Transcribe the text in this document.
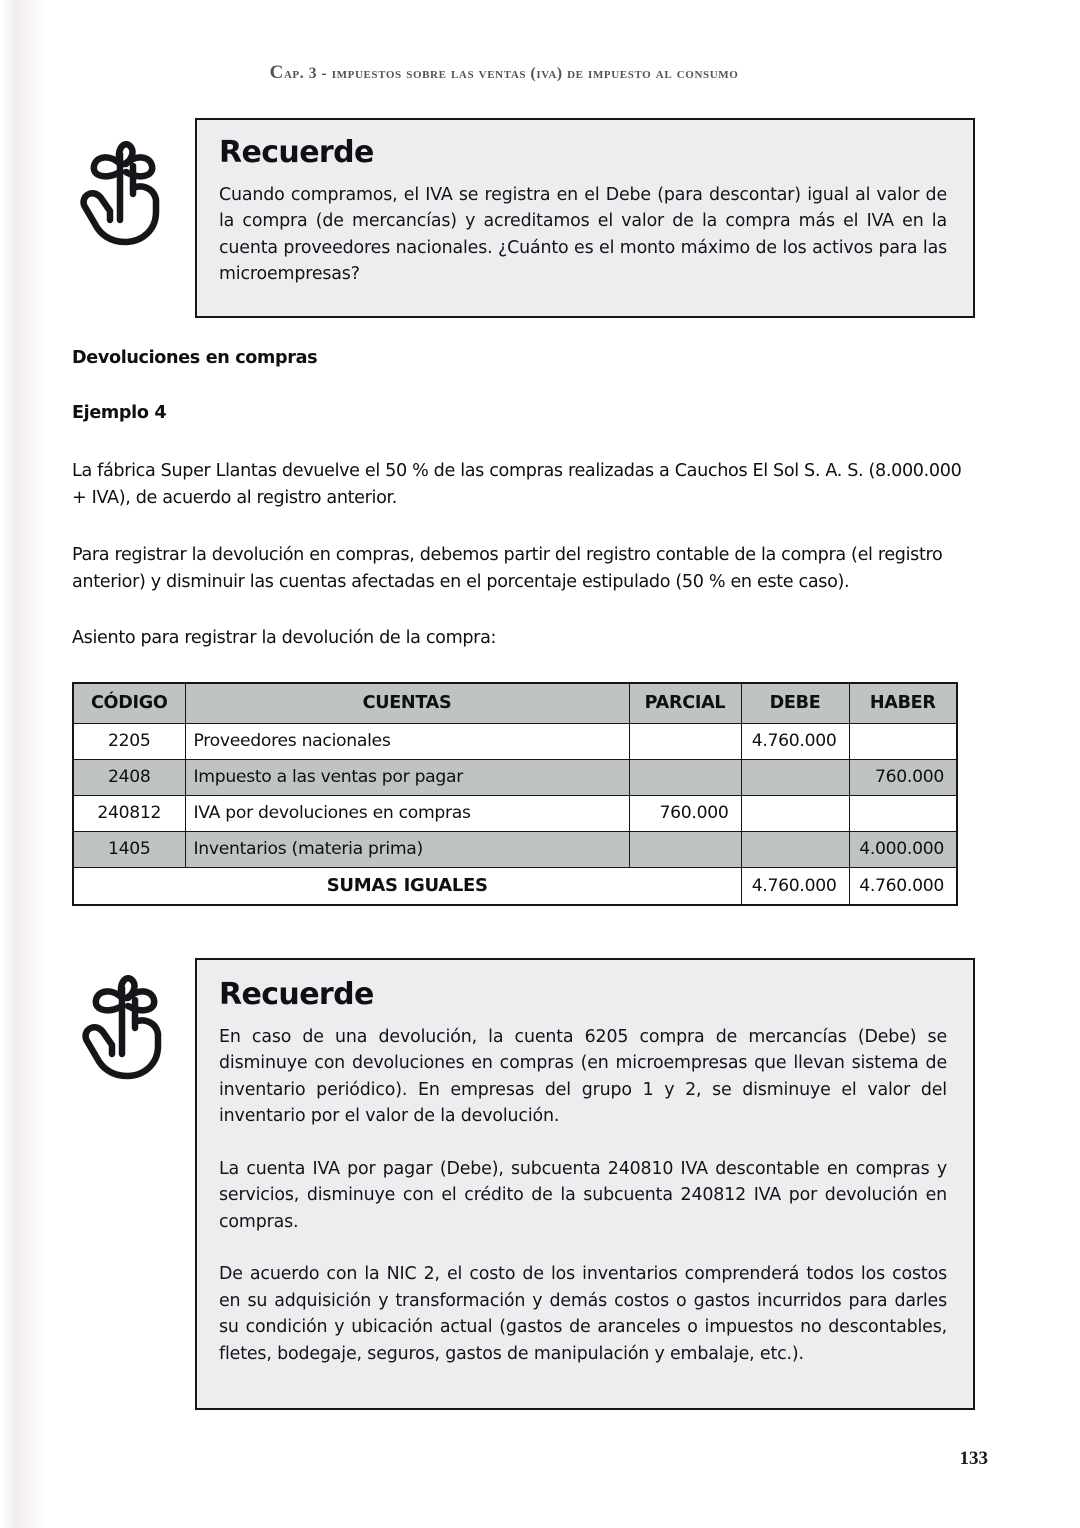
Cap. 3 - impuestos sobre las ventas (iva) de impuesto al consumo
Recuerde

Cuando compramos, el IVA se registra en el Debe (para descontar) igual al valor de la compra (de mercancías) y acreditamos el valor de la compra más el IVA en la cuenta proveedores nacionales. ¿Cuánto es el monto máximo de los activos para las microempresas?

Devoluciones en compras
Ejemplo 4
La fábrica Super Llantas devuelve el 50 % de las compras realizadas a Cauchos El Sol S. A. S. (8.000.000 + IVA), de acuerdo al registro anterior.
Para registrar la devolución en compras, debemos partir del registro contable de la compra (el registro anterior) y disminuir las cuentas afectadas en el porcentaje estipulado (50 % en este caso).
Asiento para registrar la devolución de la compra:
CÓDIGO	CUENTAS	PARCIAL	DEBE	HABER
2205	Proveedores nacionales		4.760.000	
2408	Impuesto a las ventas por pagar			760.000
240812	IVA por devoluciones en compras	760.000		
1405	Inventarios (materia prima)			4.000.000
SUMAS IGUALES			4.760.000	4.760.000
Recuerde

En caso de una devolución, la cuenta 6205 compra de mercancías (Debe) se disminuye con devoluciones en compras (en microempresas que llevan sistema de inventario periódico). En empresas del grupo 1 y 2, se disminuye el valor del inventario por el valor de la devolución.

La cuenta IVA por pagar (Debe), subcuenta 240810 IVA descontable en compras y servicios, disminuye con el crédito de la subcuenta 240812 IVA por devolución en compras.

De acuerdo con la NIC 2, el costo de los inventarios comprenderá todos los costos en su adquisición y transformación y demás costos o gastos incurridos para darles su condición y ubicación actual (gastos de aranceles o impuestos no descontables, fletes, bodegaje, seguros, gastos de manipulación y embalaje, etc.).

133
